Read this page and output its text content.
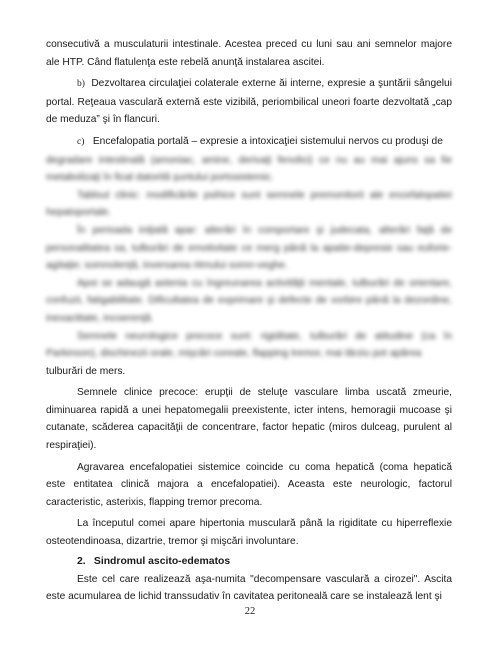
consecutivă a musculaturii intestinale. Acestea preced cu luni sau ani semnelor majore ale HTP. Când flatulenţa este rebelă anunţă instalarea ascitei.

b) Dezvoltarea circulaţiei colaterale externe ăi interne, expresie a şuntării sângelui portal. Reţeaua vasculară externă este vizibilă, periombilical uneori foarte dezvoltată „cap de meduza” şi în flancuri.

c) Encefalopatia portală – expresie a intoxicaţiei sistemului nervos cu produşi de

degradare intestinală (amoniac, amine, derivaţi fenolici) ce nu au mai ajuns sa fie metabolizaţi în ficat datorită şuntului portosistemic.

Tabloul clinic: modificările psihice sunt semnele premonitorii ale encefalopatiei hepatoportale.

În perioada iniţială apar: alterări în comportare şi judecata, alterări faţă de personalitatea sa, tulburări de emotivitate ce merg până la apatie-depresie sau euforie-agitaţie; somnolenţă, inversarea ritmului somn-veghe.

Apoi se adaugă astenia cu îngreunarea activităţii mentale, tulburări de orientare, confuzii, fatigabilitate. Dificultatea de exprimare şi defecte de vorbire până la dezordine, inexactitate, incoerenţă.

Semnele neurologice precoce sunt: rigiditate, tulburări de atitudine (ca în Parkinson), dischinezii orale, mişcări coreale, flapping tremor, mai târziu pot apărea

tulburări de mers.

Semnele clinice precoce: erupţii de steluţe vasculare limba uscată zmeurie, diminuarea rapidă a unei hepatomegalii preexistente, icter intens, hemoragii mucoase şi cutanate, scăderea capacităţii de concentrare, factor hepatic (miros dulceag, purulent al respiraţiei).

Agravarea encefalopatiei sistemice coincide cu coma hepatică (coma hepatică este entitatea clinică majora a encefalopatiei). Aceasta este neurologic, factorul caracteristic, asterixis, flapping tremor precoma.

La începutul comei apare hipertonia musculară până la rigiditate cu hiperreflexie osteotendinoasa, dizartrie, tremor şi mişcări involuntare.

2. Sindromul ascito-edematos

Este cel care realizează aşa-numita "decompensare vasculară a cirozei". Ascita este acumularea de lichid transsudativ în cavitatea peritoneală care se instalează lent şi

22
